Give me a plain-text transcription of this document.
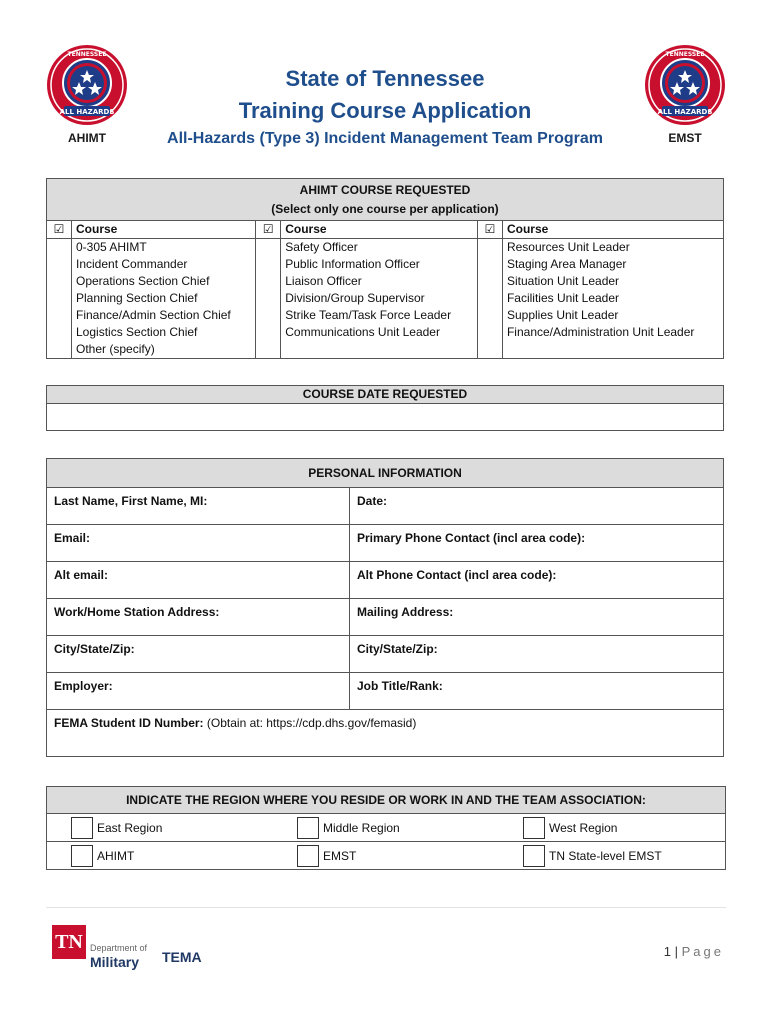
ALL HAZARDS
TENNESSEE
AHIMT
ALL HAZARDS
TENNESSEE
EMST
State of Tennessee
Training Course Application
All-Hazards (Type 3) Incident Management Team Program
AHIMT COURSE REQUESTED
(Select only one course per application)					

☑	Course	☑	Course	☑	Course
	0-305 AHIMT		Safety Officer		Resources Unit Leader
	Incident Commander		Public Information Officer		Staging Area Manager
	Operations Section Chief		Liaison Officer		Situation Unit Leader
	Planning Section Chief		Division/Group Supervisor		Facilities Unit Leader
	Finance/Admin Section Chief		Strike Team/Task Force Leader		Supplies Unit Leader
	Logistics Section Chief		Communications Unit Leader		Finance/Administration Unit Leader
	Other (specify)				
COURSE DATE REQUESTED

PERSONAL INFORMATION	
Last Name, First Name, MI:	Date:
Email:	Primary Phone Contact (incl area code):
Alt email:	Alt Phone Contact (incl area code):
Work/Home Station Address:	Mailing Address:
City/State/Zip:	City/State/Zip:
Employer:	Job Title/Rank:
FEMA Student ID Number: (Obtain at: https://cdp.dhs.gov/femasid)	
INDICATE THE REGION WHERE YOU RESIDE OR WORK IN AND THE TEAM ASSOCIATION:
East Region	Middle Region	West Region
AHIMT	EMST	TN State-level EMST
TN Department of
Military TEMA	1 | Page
